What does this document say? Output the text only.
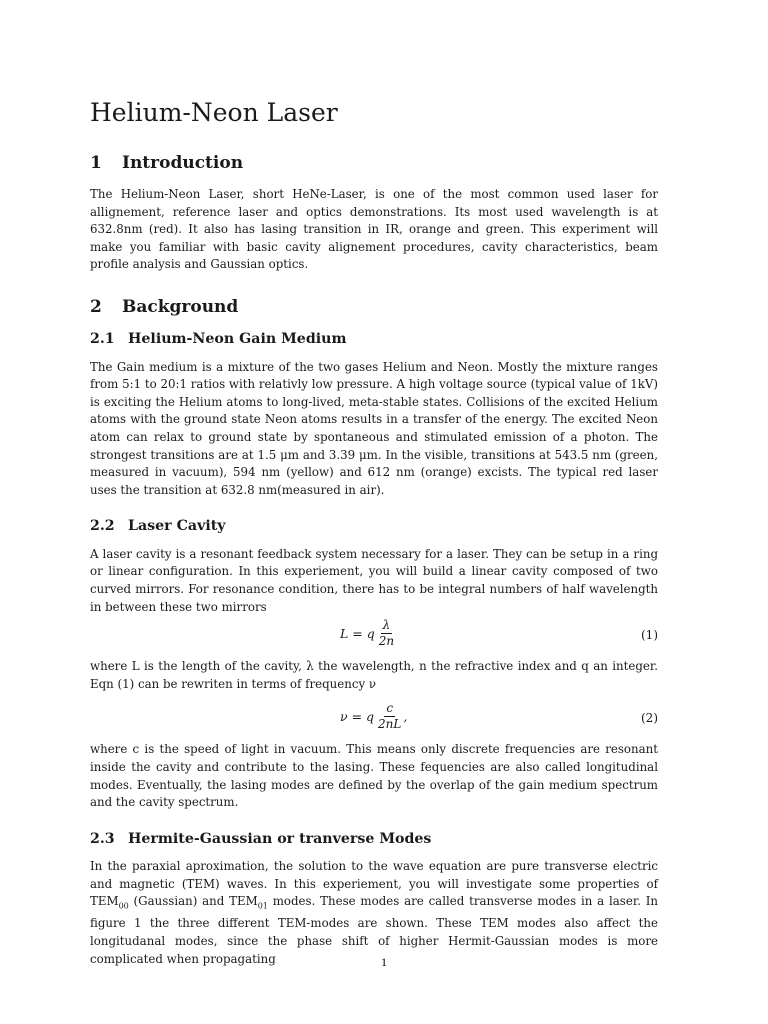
Helium-Neon Laser
1	Introduction

The Helium-Neon Laser, short HeNe-Laser, is one of the most common used laser for allignement, reference laser and optics demonstrations. Its most used wavelength is at 632.8nm (red). It also has lasing transition in IR, orange and green. This experiment will make you familiar with basic cavity alignement procedures, cavity characteristics, beam profile analysis and Gaussian optics.

2	Background
2.1 Helium-Neon Gain Medium

The Gain medium is a mixture of the two gases Helium and Neon. Mostly the mixture ranges from 5:1 to 20:1 ratios with relativly low pressure. A high voltage source (typical value of 1kV) is exciting the Helium atoms to long-lived, meta-stable states. Collisions of the excited Helium atoms with the ground state Neon atoms results in a transfer of the energy. The excited Neon atom can relax to ground state by spontaneous and stimulated emission of a photon. The strongest transitions are at 1.5 μm and 3.39 μm. In the visible, transitions at 543.5 nm (green, measured in vacuum), 594 nm (yellow) and 612 nm (orange) excists. The typical red laser uses the transition at 632.8 nm(measured in air).

2.2 Laser Cavity

A laser cavity is a resonant feedback system necessary for a laser. They can be setup in a ring or linear configuration. In this experiement, you will build a linear cavity composed of two curved mirrors. For resonance condition, there has to be integral numbers of half wavelength in between these two mirrors

L = q $\frac{\lambda}{2n}$	(1)

where L is the length of the cavity, λ the wavelength, n the refractive index and q an integer. Eqn (1) can be rewriten in terms of frequency ν

ν = q $\frac{c}{2nL}$ ,	(2)

where c is the speed of light in vacuum. This means only discrete frequencies are resonant inside the cavity and contribute to the lasing. These fequencies are also called longitudinal modes. Eventually, the lasing modes are defined by the overlap of the gain medium spectrum and the cavity spectrum.

2.3 Hermite-Gaussian or tranverse Modes

In the paraxial aproximation, the solution to the wave equation are pure transverse electric and magnetic (TEM) waves. In this experiement, you will investigate some properties of $TEM_{00}$ (Gaussian) and $TEM_{01}$ modes. These modes are called transverse modes in a laser. In figure 1 the three different TEM-modes are shown. These TEM modes also affect the longitudanal modes, since the phase shift of higher Hermit-Gaussian modes is more complicated when propagating	1
